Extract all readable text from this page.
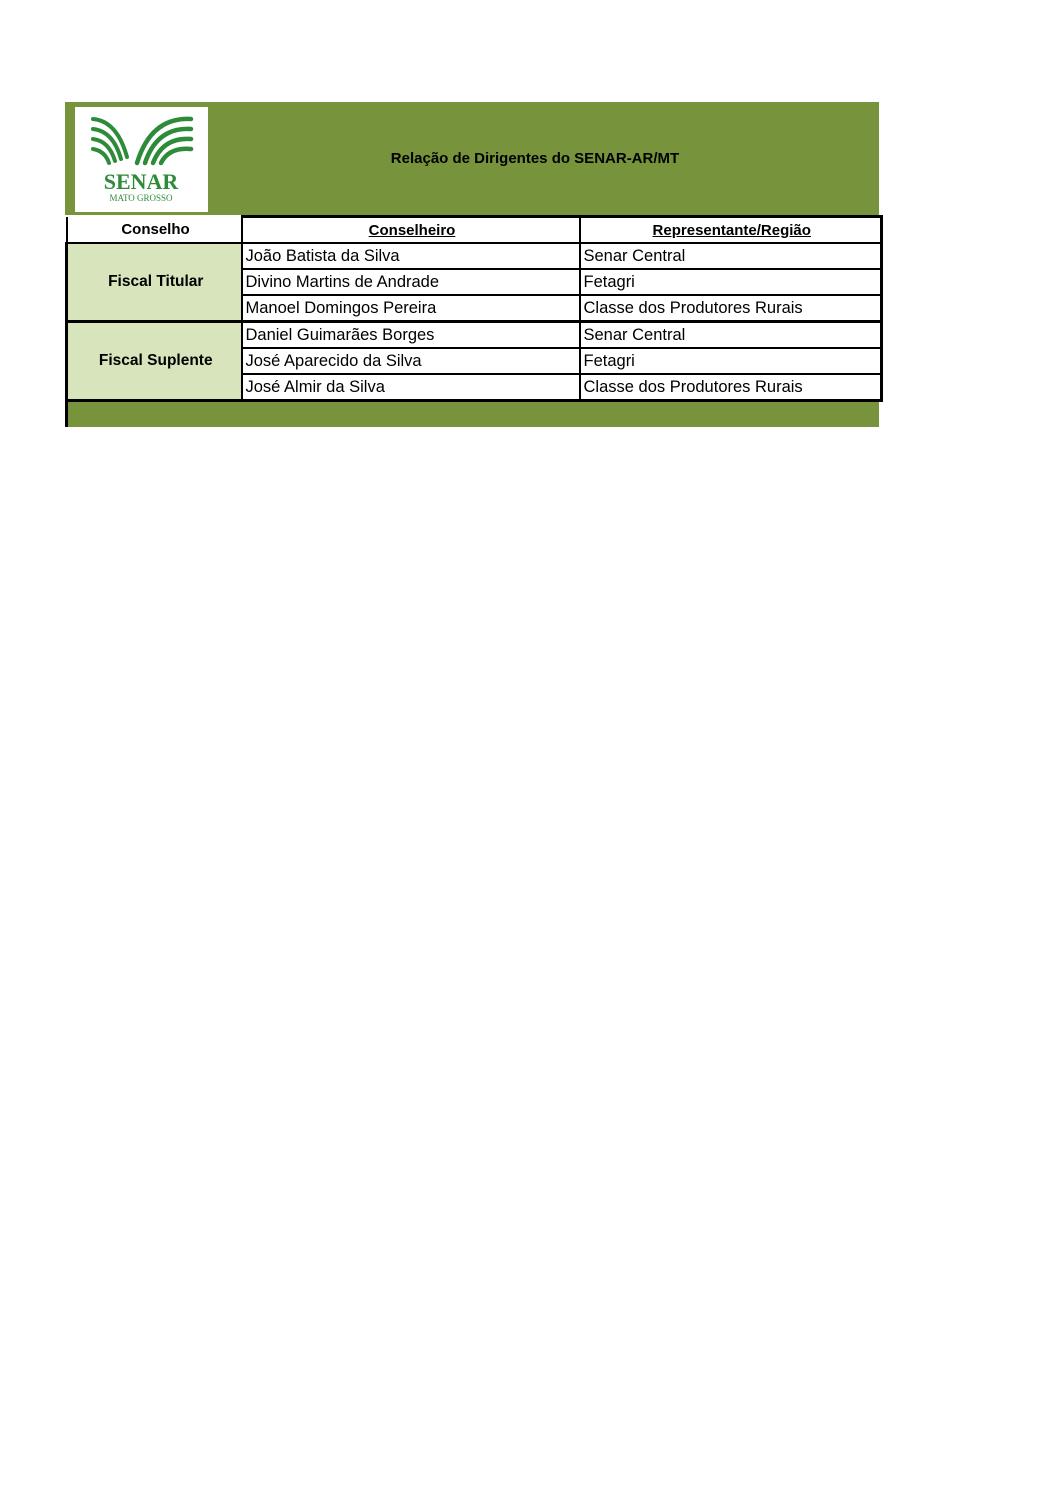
SENAR
MATO GROSSO
Relação de Dirigentes do SENAR-AR/MT
Conselho	Conselheiro	Representante/Região
Fiscal Titular	João Batista da Silva	Senar Central
	Divino Martins de Andrade	Fetagri
	Manoel Domingos Pereira	Classe dos Produtores Rurais
Fiscal Suplente	Daniel Guimarães Borges	Senar Central
	José Aparecido da Silva	Fetagri
	José Almir da Silva	Classe dos Produtores Rurais
